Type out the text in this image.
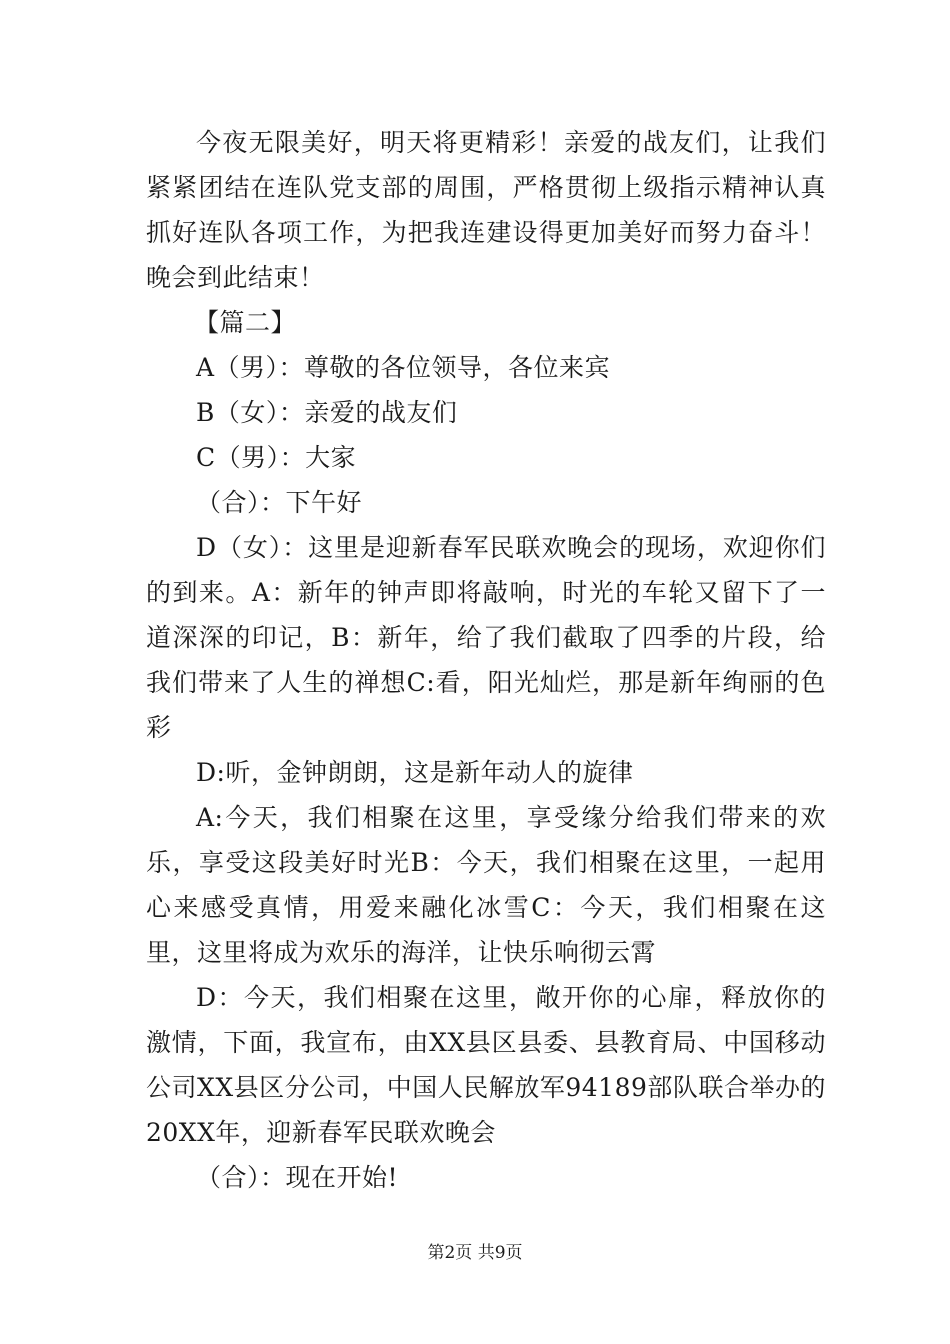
今夜无限美好，明天将更精彩！亲爱的战友们，让我们紧紧团结在连队党支部的周围，严格贯彻上级指示精神认真抓好连队各项工作，为把我连建设得更加美好而努力奋斗！晚会到此结束！

【篇二】

A（男）：尊敬的各位领导，各位来宾

B（女）：亲爱的战友们

C（男）：大家

（合）：下午好

D（女）：这里是迎新春军民联欢晚会的现场，欢迎你们的到来。A：新年的钟声即将敲响，时光的车轮又留下了一道深深的印记，B：新年，给了我们截取了四季的片段，给我们带来了人生的禅想C:看，阳光灿烂，那是新年绚丽的色彩

D:听，金钟朗朗，这是新年动人的旋律

A:今天，我们相聚在这里，享受缘分给我们带来的欢乐，享受这段美好时光B：今天，我们相聚在这里，一起用心来感受真情，用爱来融化冰雪C：今天，我们相聚在这里，这里将成为欢乐的海洋，让快乐响彻云霄

D：今天，我们相聚在这里，敞开你的心扉，释放你的激情，下面，我宣布，由XX县区县委、县教育局、中国移动公司XX县区分公司，中国人民解放军94189部队联合举办的20XX年，迎新春军民联欢晚会

（合）：现在开始!

第2页 共9页
